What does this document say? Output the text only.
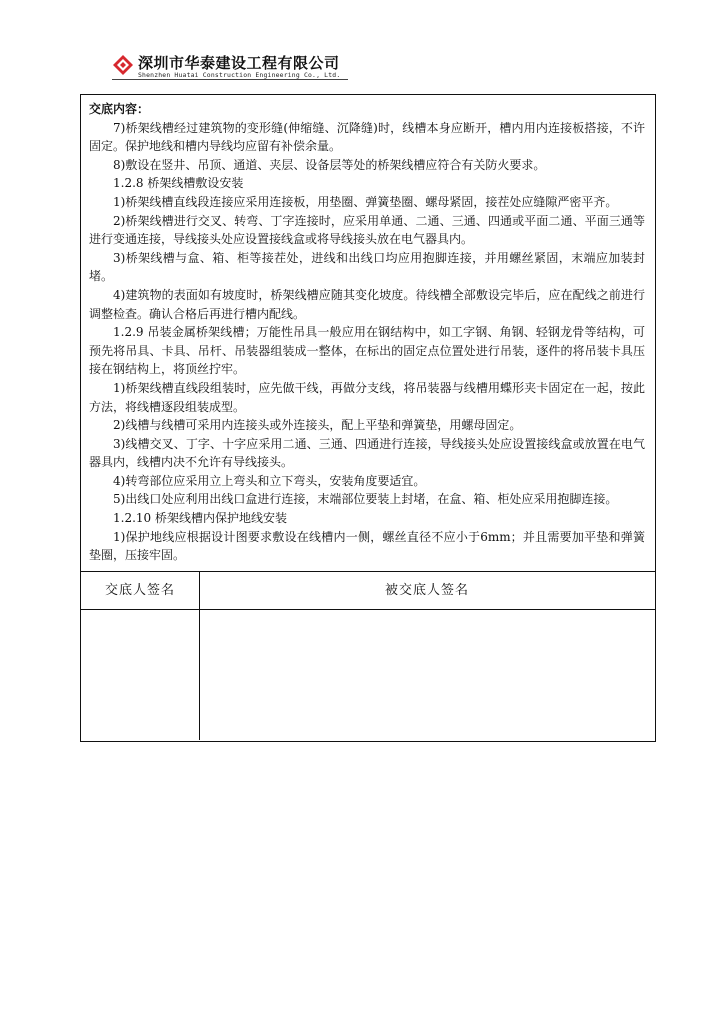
深圳市华泰建设工程有限公司
Shenzhen Huatai Construction Engineering Co., Ltd.

交底内容：

7)桥架线槽经过建筑物的变形缝(伸缩缝、沉降缝)时，线槽本身应断开，槽内用内连接板搭接，不许固定。保护地线和槽内导线均应留有补偿余量。

8)敷设在竖井、吊顶、通道、夹层、设备层等处的桥架线槽应符合有关防火要求。

1.2.8 桥架线槽敷设安装

1)桥架线槽直线段连接应采用连接板，用垫圈、弹簧垫圈、螺母紧固，接茬处应缝隙严密平齐。

2)桥架线槽进行交叉、转弯、丁字连接时，应采用单通、二通、三通、四通或平面二通、平面三通等进行变通连接，导线接头处应设置接线盒或将导线接头放在电气器具内。

3)桥架线槽与盒、箱、柜等接茬处，进线和出线口均应用抱脚连接，并用螺丝紧固，末端应加装封堵。

4)建筑物的表面如有坡度时，桥架线槽应随其变化坡度。待线槽全部敷设完毕后，应在配线之前进行调整检查。确认合格后再进行槽内配线。

1.2.9 吊装金属桥架线槽；万能性吊具一般应用在钢结构中，如工字钢、角钢、轻钢龙骨等结构，可预先将吊具、卡具、吊杆、吊装器组装成一整体，在标出的固定点位置处进行吊装，逐件的将吊装卡具压接在钢结构上，将顶丝拧牢。

1)桥架线槽直线段组装时，应先做干线，再做分支线，将吊装器与线槽用蝶形夹卡固定在一起，按此方法，将线槽逐段组装成型。

2)线槽与线槽可采用内连接头或外连接头，配上平垫和弹簧垫，用螺母固定。

3)线槽交叉、丁字、十字应采用二通、三通、四通进行连接，导线接头处应设置接线盒或放置在电气器具内，线槽内决不允许有导线接头。

4)转弯部位应采用立上弯头和立下弯头，安装角度要适宜。

5)出线口处应利用出线口盒进行连接，末端部位要装上封堵，在盒、箱、柜处应采用抱脚连接。

1.2.10 桥架线槽内保护地线安装

1)保护地线应根据设计图要求敷设在线槽内一侧，螺丝直径不应小于6mm；并且需要加平垫和弹簧垫圈，压接牢固。

交底人签名	被交底人签名
